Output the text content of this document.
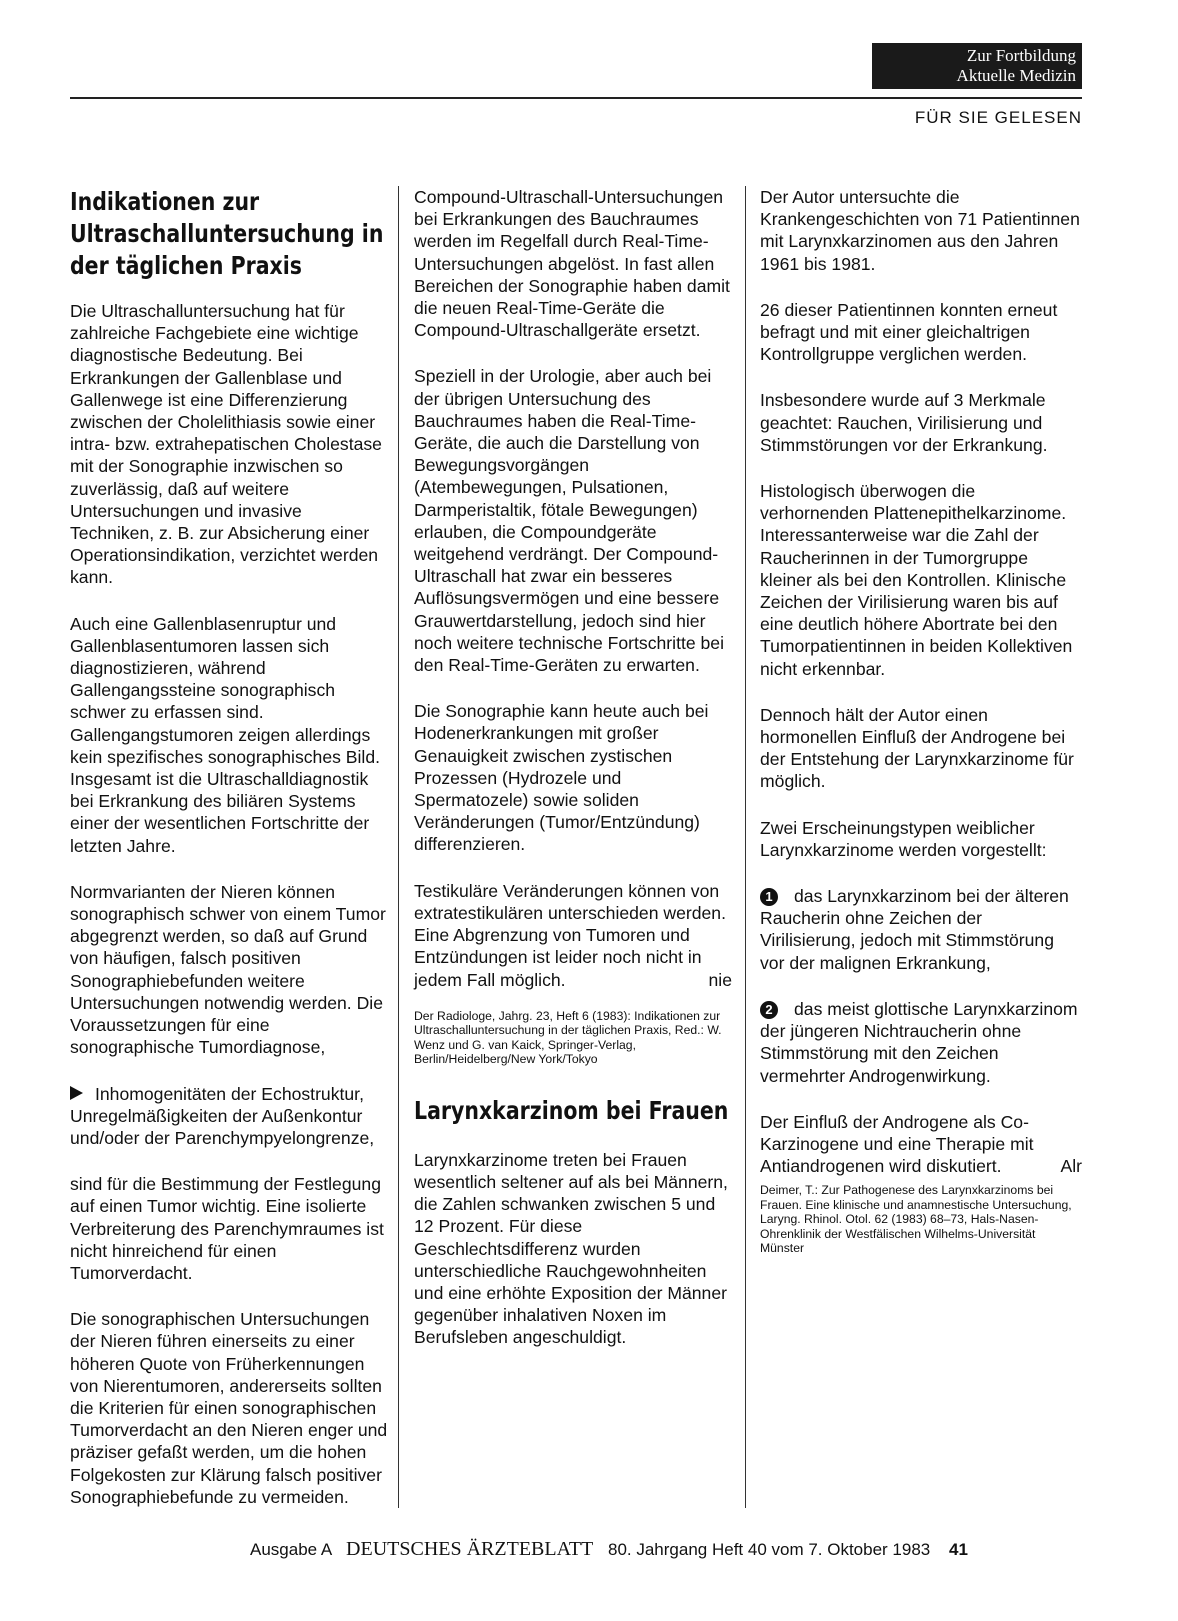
Zur Fortbildung
Aktuelle Medizin
FÜR SIE GELESEN
Indikationen zur Ultraschalluntersuchung in der täglichen Praxis

Die Ultraschalluntersuchung hat für zahlreiche Fachgebiete eine wichtige diagnostische Bedeutung. Bei Erkrankungen der Gallenblase und Gallenwege ist eine Differenzierung zwischen der Cholelithiasis sowie einer intra- bzw. extrahepatischen Cholestase mit der Sonographie inzwischen so zuverlässig, daß auf weitere Untersuchungen und invasive Techniken, z. B. zur Absicherung einer Operationsindikation, verzichtet werden kann.

Auch eine Gallenblasenruptur und Gallenblasentumoren lassen sich diagnostizieren, während Gallengangssteine sonographisch schwer zu erfassen sind. Gallengangstumoren zeigen allerdings kein spezifisches sonographisches Bild. Insgesamt ist die Ultraschalldiagnostik bei Erkrankung des biliären Systems einer der wesentlichen Fortschritte der letzten Jahre.

Normvarianten der Nieren können sonographisch schwer von einem Tumor abgegrenzt werden, so daß auf Grund von häufigen, falsch positiven Sonographiebefunden weitere Untersuchungen notwendig werden. Die Voraussetzungen für eine sonographische Tumordiagnose,

Inhomogenitäten der Echostruktur, Unregelmäßigkeiten der Außenkontur und/oder der Parenchympyelongrenze,

sind für die Bestimmung der Festlegung auf einen Tumor wichtig. Eine isolierte Verbreiterung des Parenchymraumes ist nicht hinreichend für einen Tumorverdacht.

Die sonographischen Untersuchungen der Nieren führen einerseits zu einer höheren Quote von Früherkennungen von Nierentumoren, andererseits sollten die Kriterien für einen sonographischen Tumorverdacht an den Nieren enger und präziser gefaßt werden, um die hohen Folgekosten zur Klärung falsch positiver Sonographiebefunde zu vermeiden.

Compound-Ultraschall-Untersuchungen bei Erkrankungen des Bauchraumes werden im Regelfall durch Real-Time-Untersuchungen abgelöst. In fast allen Bereichen der Sonographie haben damit die neuen Real-Time-Geräte die Compound-Ultraschallgeräte ersetzt.

Speziell in der Urologie, aber auch bei der übrigen Untersuchung des Bauchraumes haben die Real-Time-Geräte, die auch die Darstellung von Bewegungsvorgängen (Atembewegungen, Pulsationen, Darmperistaltik, fötale Bewegungen) erlauben, die Compoundgeräte weitgehend verdrängt. Der Compound-Ultraschall hat zwar ein besseres Auflösungsvermögen und eine bessere Grauwertdarstellung, jedoch sind hier noch weitere technische Fortschritte bei den Real-Time-Geräten zu erwarten.

Die Sonographie kann heute auch bei Hodenerkrankungen mit großer Genauigkeit zwischen zystischen Prozessen (Hydrozele und Spermatozele) sowie soliden Veränderungen (Tumor/Entzündung) differenzieren.

Testikuläre Veränderungen können von extratestikulären unterschieden werden. Eine Abgrenzung von Tumoren und Entzündungen ist leider noch nicht in jedem Fall möglich.	nie

Der Radiologe, Jahrg. 23, Heft 6 (1983): Indikationen zur Ultraschalluntersuchung in der täglichen Praxis, Red.: W. Wenz und G. van Kaick, Springer-Verlag, Berlin/Heidelberg/New York/Tokyo
Larynxkarzinom bei Frauen

Larynxkarzinome treten bei Frauen wesentlich seltener auf als bei Männern, die Zahlen schwanken zwischen 5 und 12 Prozent. Für diese Geschlechtsdifferenz wurden unterschiedliche Rauchgewohnheiten und eine erhöhte Exposition der Männer gegenüber inhalativen Noxen im Berufsleben angeschuldigt.

Der Autor untersuchte die Krankengeschichten von 71 Patientinnen mit Larynxkarzinomen aus den Jahren 1961 bis 1981.

26 dieser Patientinnen konnten erneut befragt und mit einer gleichaltrigen Kontrollgruppe verglichen werden.

Insbesondere wurde auf 3 Merkmale geachtet: Rauchen, Virilisierung und Stimmstörungen vor der Erkrankung.

Histologisch überwogen die verhornenden Plattenepithelkarzinome. Interessanterweise war die Zahl der Raucherinnen in der Tumorgruppe kleiner als bei den Kontrollen. Klinische Zeichen der Virilisierung waren bis auf eine deutlich höhere Abortrate bei den Tumorpatientinnen in beiden Kollektiven nicht erkennbar.

Dennoch hält der Autor einen hormonellen Einfluß der Androgene bei der Entstehung der Larynxkarzinome für möglich.

Zwei Erscheinungstypen weiblicher Larynxkarzinome werden vorgestellt:

1 das Larynxkarzinom bei der älteren Raucherin ohne Zeichen der Virilisierung, jedoch mit Stimmstörung vor der malignen Erkrankung,

2 das meist glottische Larynxkarzinom der jüngeren Nichtraucherin ohne Stimmstörung mit den Zeichen vermehrter Androgenwirkung.

Der Einfluß der Androgene als Co-Karzinogene und eine Therapie mit Antiandrogenen wird diskutiert.	Alr

Deimer, T.: Zur Pathogenese des Larynxkarzinoms bei Frauen. Eine klinische und anamnestische Untersuchung, Laryng. Rhinol. Otol. 62 (1983) 68–73, Hals-Nasen-Ohrenklinik der Westfälischen Wilhelms-Universität Münster
Ausgabe A DEUTSCHES ÄRZTEBLATT 80. Jahrgang Heft 40 vom 7. Oktober 1983 41
